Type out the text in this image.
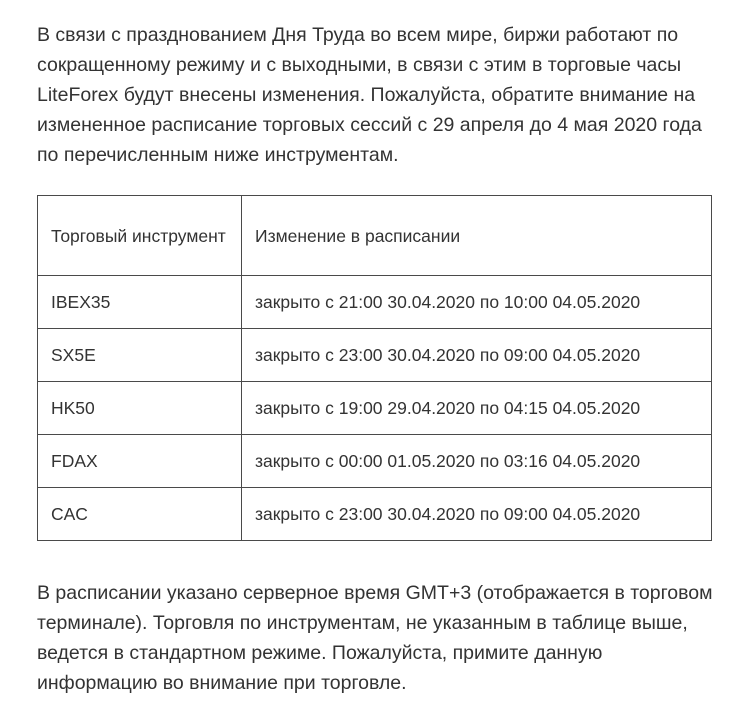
В связи с празднованием Дня Труда во всем мире, биржи работают по сокращенному режиму и с выходными, в связи с этим в торговые часы LiteForex будут внесены изменения. Пожалуйста, обратите внимание на измененное расписание торговых сессий с 29 апреля до 4 мая 2020 года по перечисленным ниже инструментам.

Торговый инструмент	Изменение в расписании
IBEX35	закрыто с 21:00 30.04.2020 по 10:00 04.05.2020
SX5E	закрыто с 23:00 30.04.2020 по 09:00 04.05.2020
HK50	закрыто с 19:00 29.04.2020 по 04:15 04.05.2020
FDAX	закрыто с 00:00 01.05.2020 по 03:16 04.05.2020
CAC	закрыто с 23:00 30.04.2020 по 09:00 04.05.2020

В расписании указано серверное время GMT+3 (отображается в торговом терминале). Торговля по инструментам, не указанным в таблице выше, ведется в стандартном режиме. Пожалуйста, примите данную информацию во внимание при торговле.
